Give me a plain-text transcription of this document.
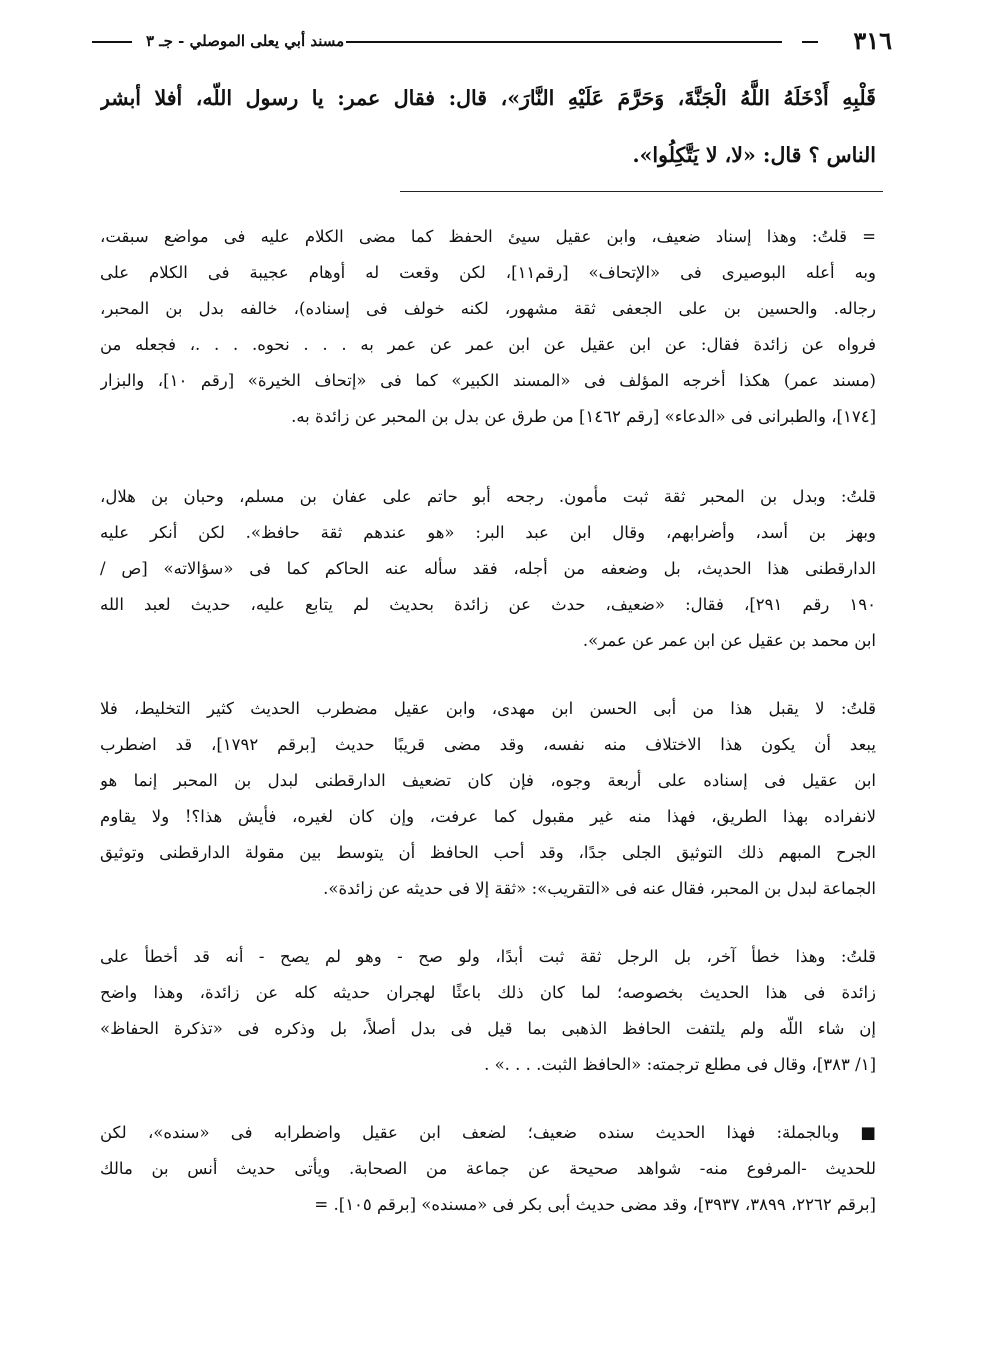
٣١٦
مسند أبي يعلى الموصلي - جـ ٣
قَلْبِهِ أَدْخَلَهُ اللَّهُ الْجَنَّةَ، وَحَرَّمَ عَلَيْهِ النَّارَ»، قال: فقال عمر: يا رسول اللّه، أفلا أبشر
الناس ؟ قال: «لا، لا يَتَّكِلُوا».
= قلتُ: وهذا إسناد ضعيف، وابن عقيل سيئ الحفظ كما مضى الكلام عليه فى مواضع سبقت،
وبه أعله البوصيرى فى «الإتحاف» [رقم١١]، لكن وقعت له أوهام عجيبة فى الكلام على
رجاله. والحسين بن على الجعفى ثقة مشهور، لكنه خولف فى إسناده)، خالفه بدل بن المحبر،
فرواه عن زائدة فقال: عن ابن عقيل عن ابن عمر عن عمر به . . . نحوه. . . .، فجعله من
(مسند عمر) هكذا أخرجه المؤلف فى «المسند الكبير» كما فى «إتحاف الخيرة» [رقم ١٠]، والبزار
[١٧٤]، والطبرانى فى «الدعاء» [رقم ١٤٦٢] من طرق عن بدل بن المحبر عن زائدة به.
قلتُ: وبدل بن المحبر ثقة ثبت مأمون. رجحه أبو حاتم على عفان بن مسلم، وحبان بن هلال،
وبهز بن أسد، وأضرابهم، وقال ابن عبد البر: «هو عندهم ثقة حافظ». لكن أنكر عليه
الدارقطنى هذا الحديث، بل وضعفه من أجله، فقد سأله عنه الحاكم كما فى «سؤالاته» [ص /
١٩٠ رقم ٢٩١]، فقال: «ضعيف، حدث عن زائدة بحديث لم يتابع عليه، حديث لعبد الله
ابن محمد بن عقيل عن ابن عمر عن عمر».
قلتُ: لا يقبل هذا من أبى الحسن ابن مهدى، وابن عقيل مضطرب الحديث كثير التخليط، فلا
يبعد أن يكون هذا الاختلاف منه نفسه، وقد مضى قريبًا حديث [برقم ١٧٩٢]، قد اضطرب
ابن عقيل فى إسناده على أربعة وجوه، فإن كان تضعيف الدارقطنى لبدل بن المحبر إنما هو
لانفراده بهذا الطريق، فهذا منه غير مقبول كما عرفت، وإن كان لغيره، فأيش هذا؟! ولا يقاوم
الجرح المبهم ذلك التوثيق الجلى جدًا، وقد أحب الحافظ أن يتوسط بين مقولة الدارقطنى وتوثيق
الجماعة لبدل بن المحبر، فقال عنه فى «التقريب»: «ثقة إلا فى حديثه عن زائدة».
قلتُ: وهذا خطأ آخر، بل الرجل ثقة ثبت أبدًا، ولو صح - وهو لم يصح - أنه قد أخطأ على
زائدة فى هذا الحديث بخصوصه؛ لما كان ذلك باعثًا لهجران حديثه كله عن زائدة، وهذا واضح
إن شاء اللّه ولم يلتفت الحافظ الذهبى بما قيل فى بدل أصلاً، بل وذكره فى «تذكرة الحفاظ»
[١/ ٣٨٣]، وقال فى مطلع ترجمته: «الحافظ الثبت. . . .» .
■ وبالجملة: فهذا الحديث سنده ضعيف؛ لضعف ابن عقيل واضطرابه فى «سنده»، لكن
للحديث -المرفوع منه- شواهد صحيحة عن جماعة من الصحابة. ويأتى حديث أنس بن مالك
[برقم ٢٢٦٢، ٣٨٩٩، ٣٩٣٧]، وقد مضى حديث أبى بكر فى «مسنده» [برقم ١٠٥]. =
